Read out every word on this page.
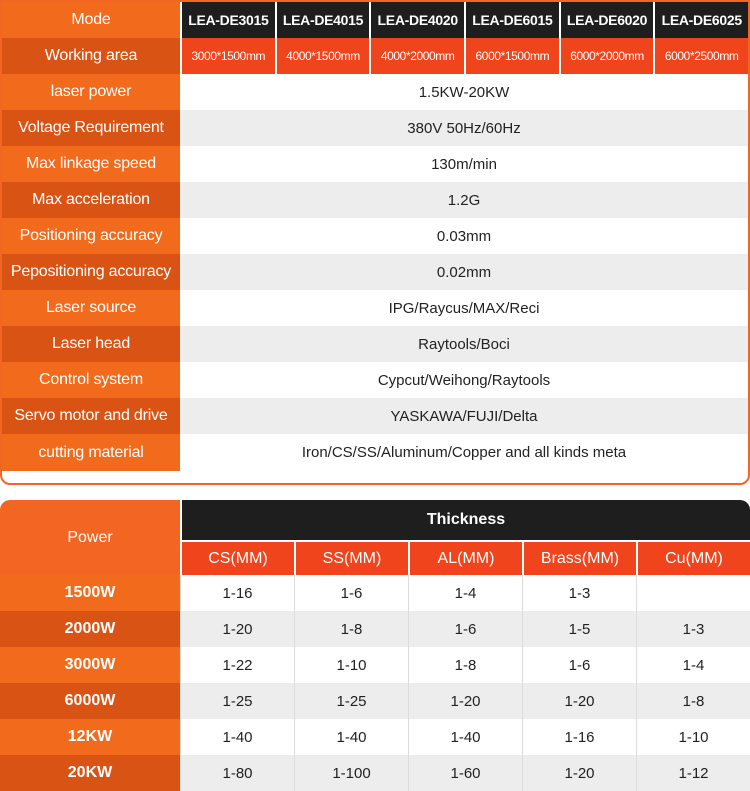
Mode	LEA-DE3015	LEA-DE4015	LEA-DE4020	LEA-DE6015	LEA-DE6020	LEA-DE6025
Working area	3000*1500mm	4000*1500mm	4000*2000mm	6000*1500mm	6000*2000mm	6000*2500mm
laser power	1.5KW-20KW
Voltage Requirement	380V 50Hz/60Hz
Max linkage speed	130m/min
Max acceleration	1.2G
Positioning accuracy	0.03mm
Pepositioning accuracy	0.02mm
Laser source	IPG/Raycus/MAX/Reci
Laser head	Raytools/Boci
Control system	Cypcut/Weihong/Raytools
Servo motor and drive	YASKAWA/FUJI/Delta
cutting material	Iron/CS/SS/Aluminum/Copper and all kinds meta
Power
Thickness
CS(MM)	SS(MM)	AL(MM)	Brass(MM)	Cu(MM)
1500W	1-16	1-6	1-4	1-3
2000W	1-20	1-8	1-6	1-5	1-3
3000W	1-22	1-10	1-8	1-6	1-4
6000W	1-25	1-25	1-20	1-20	1-8
12KW	1-40	1-40	1-40	1-16	1-10
20KW	1-80	1-100	1-60	1-20	1-12
